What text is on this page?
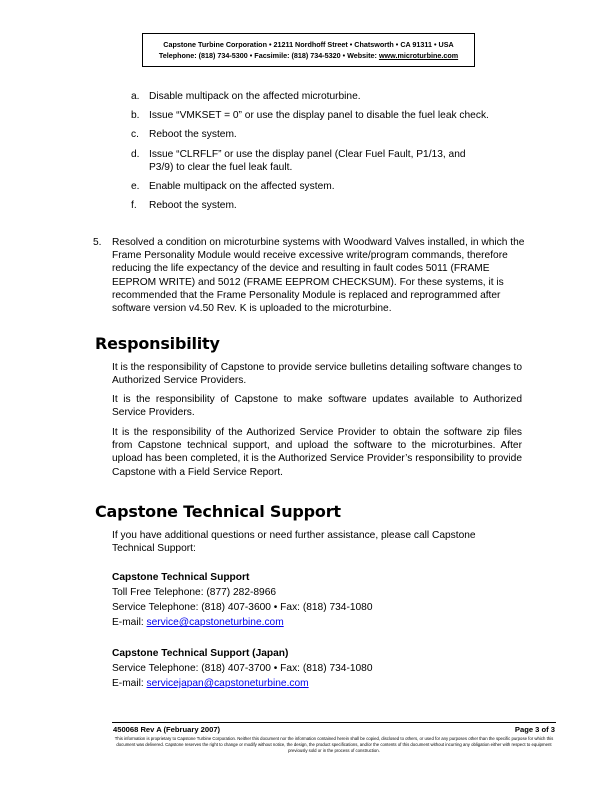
Capstone Turbine Corporation • 21211 Nordhoff Street • Chatsworth • CA 91311 • USA
Telephone: (818) 734-5300 • Facsimile: (818) 734-5320 • Website: www.microturbine.com
a. Disable multipack on the affected microturbine.
b. Issue “VMKSET = 0” or use the display panel to disable the fuel leak check.
c. Reboot the system.
d. Issue “CLRFLF” or use the display panel (Clear Fuel Fault, P1/13, and P3/9) to clear the fuel leak fault.
e. Enable multipack on the affected system.
f.	Reboot the system.
5.	Resolved a condition on microturbine systems with Woodward Valves installed, in which the Frame Personality Module would receive excessive write/program commands, therefore reducing the life expectancy of the device and resulting in fault codes 5011 (FRAME EEPROM WRITE) and 5012 (FRAME EEPROM CHECKSUM). For these systems, it is recommended that the Frame Personality Module is replaced and reprogrammed after software version v4.50 Rev. K is uploaded to the microturbine.
Responsibility

It is the responsibility of Capstone to provide service bulletins detailing software changes to Authorized Service Providers.

It is the responsibility of Capstone to make software updates available to Authorized Service Providers.

It is the responsibility of the Authorized Service Provider to obtain the software zip files from Capstone technical support, and upload the software to the microturbines. After upload has been completed, it is the Authorized Service Provider’s responsibility to provide Capstone with a Field Service Report.

Capstone Technical Support

If you have additional questions or need further assistance, please call Capstone Technical Support:

Capstone Technical Support
Toll Free Telephone: (877) 282-8966
Service Telephone: (818) 407-3600 • Fax: (818) 734-1080
E-mail: service@capstoneturbine.com
Capstone Technical Support (Japan)
Service Telephone: (818) 407-3700 • Fax: (818) 734-1080
E-mail: servicejapan@capstoneturbine.com
450068 Rev A (February 2007)	Page 3 of 3
This information is proprietary to Capstone Turbine Corporation. Neither this document nor the information contained herein shall be copied, disclosed to others, or used for any purposes other than the specific purpose for which this document was delivered. Capstone reserves the right to change or modify without notice, the design, the product specifications, and/or the contents of this document without incurring any obligation either with respect to equipment previously sold or in the process of construction.
